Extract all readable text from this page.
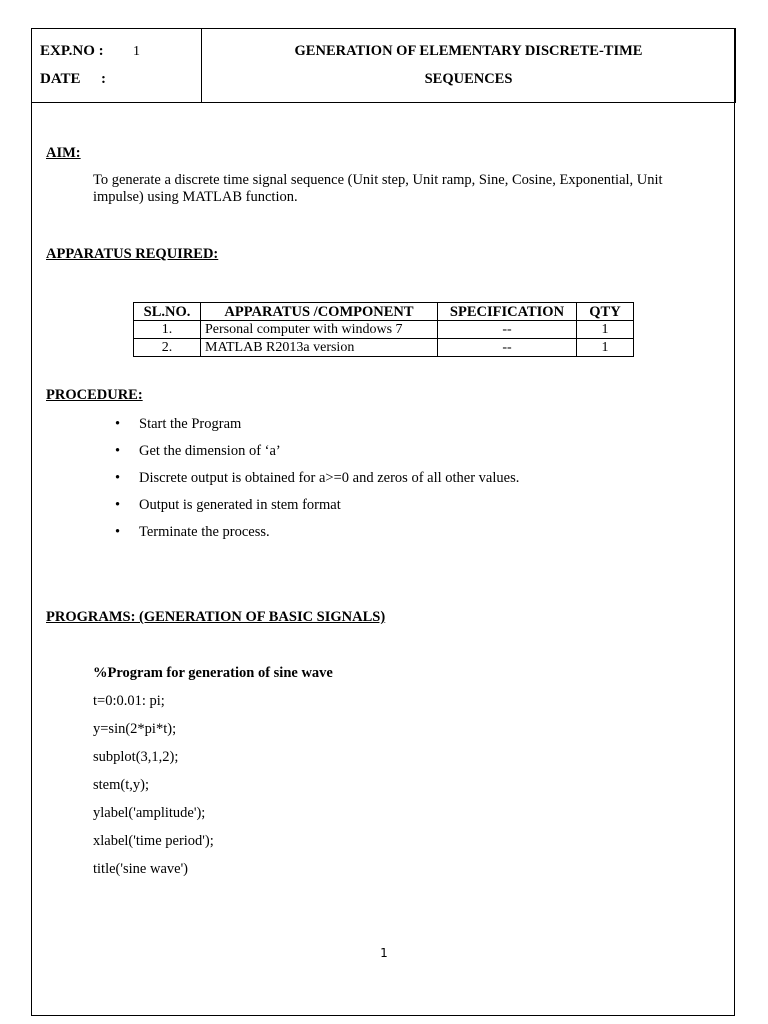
EXP.NO : 1
DATE :
GENERATION OF ELEMENTARY DISCRETE-TIME
SEQUENCES
AIM:
To generate a discrete time signal sequence (Unit step, Unit ramp, Sine, Cosine, Exponential, Unit
impulse) using MATLAB function.
APPARATUS REQUIRED:
SL.NO.	APPARATUS /COMPONENT	SPECIFICATION	QTY
1.	Personal computer with windows 7	--	1
2.	MATLAB R2013a version	--	1
PROCEDURE:
• Start the Program
• Get the dimension of ‘a’
• Discrete output is obtained for a>=0 and zeros of all other values.
• Output is generated in stem format
• Terminate the process.
PROGRAMS: (GENERATION OF BASIC SIGNALS)
%Program for generation of sine wave
t=0:0.01: pi;
y=sin(2*pi*t);
subplot(3,1,2);
stem(t,y);
ylabel('amplitude');
xlabel('time period');
title('sine wave')
1
